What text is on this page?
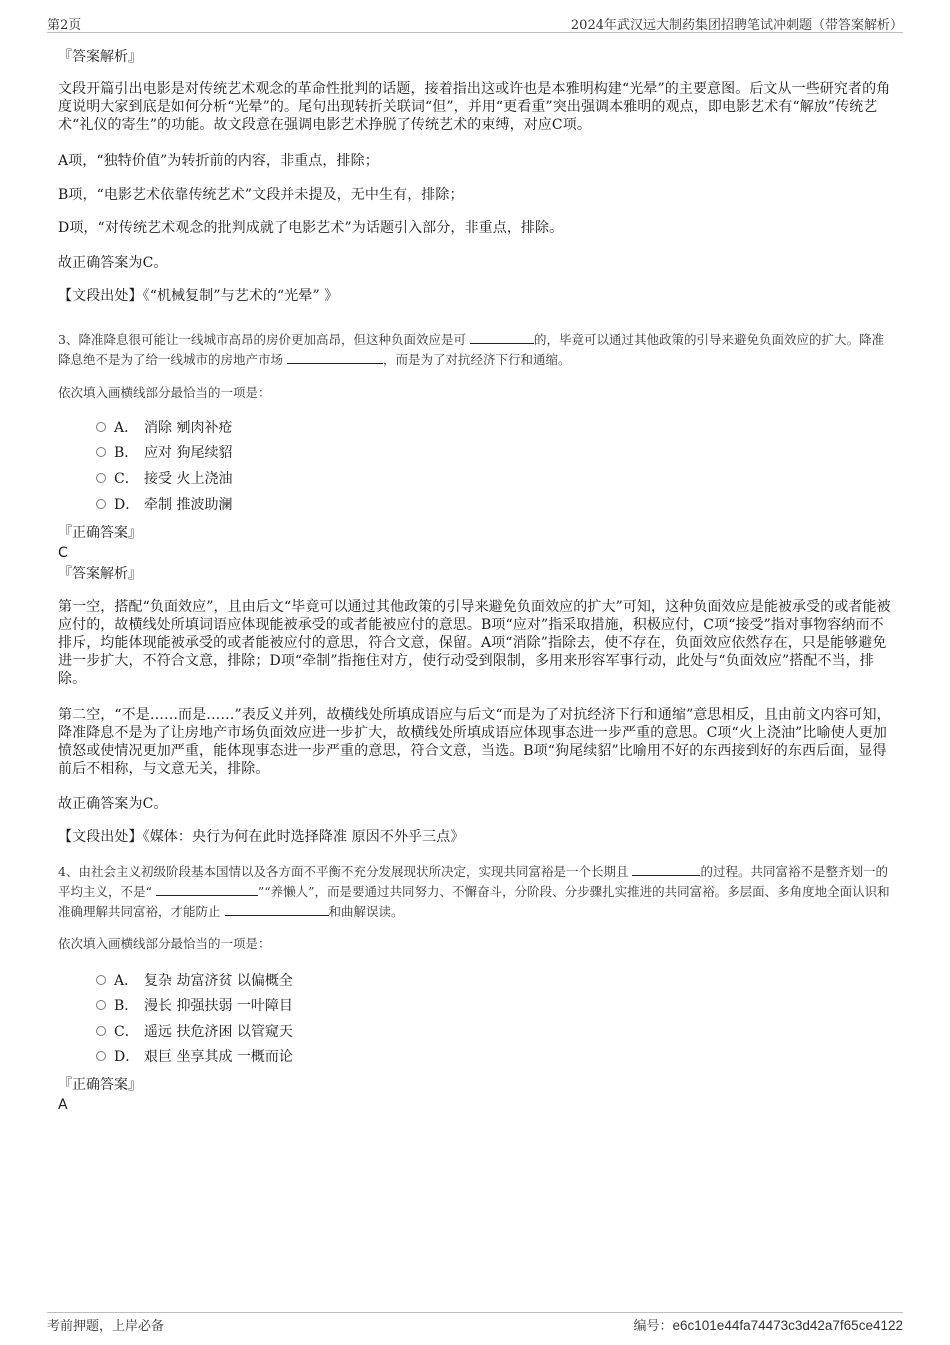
第2页	2024年武汉远大制药集团招聘笔试冲刺题（带答案解析）
『答案解析』

文段开篇引出电影是对传统艺术观念的革命性批判的话题，接着指出这或许也是本雅明构建“光晕”的主要意图。后文从一些研究者的角度说明大家到底是如何分析“光晕”的。尾句出现转折关联词“但”，并用“更看重”突出强调本雅明的观点，即电影艺术有“解放”传统艺术“礼仪的寄生”的功能。故文段意在强调电影艺术挣脱了传统艺术的束缚，对应C项。

A项，“独特价值”为转折前的内容，非重点，排除；

B项，“电影艺术依靠传统艺术”文段并未提及，无中生有，排除；

D项，“对传统艺术观念的批判成就了电影艺术”为话题引入部分，非重点，排除。

故正确答案为C。

【文段出处】《“机械复制”与艺术的“光晕” 》

3、降准降息很可能让一线城市高昂的房价更加高昂，但这种负面效应是可	的，毕竟可以通过其他政策的引导来避免负面效应的扩大。降准降息绝不是为了给一线城市的房地产市场	，而是为了对抗经济下行和通缩。

依次填入画横线部分最恰当的一项是：

A． 消除 剜肉补疮
B． 应对 狗尾续貂
C． 接受 火上浇油
D． 牵制 推波助澜
『正确答案』
C
『答案解析』

第一空，搭配“负面效应”，且由后文“毕竟可以通过其他政策的引导来避免负面效应的扩大”可知，这种负面效应是能被承受的或者能被应付的，故横线处所填词语应体现能被承受的或者能被应付的意思。B项“应对”指采取措施，积极应付，C项“接受”指对事物容纳而不排斥，均能体现能被承受的或者能被应付的意思，符合文意，保留。A项“消除”指除去，使不存在，负面效应依然存在，只是能够避免进一步扩大，不符合文意，排除；D项“牵制”指拖住对方，使行动受到限制，多用来形容军事行动，此处与“负面效应”搭配不当，排除。

第二空，“不是……而是……”表反义并列，故横线处所填成语应与后文“而是为了对抗经济下行和通缩”意思相反，且由前文内容可知，降准降息不是为了让房地产市场负面效应进一步扩大，故横线处所填成语应体现事态进一步严重的意思。C项“火上浇油”比喻使人更加愤怒或使情况更加严重，能体现事态进一步严重的意思，符合文意，当选。B项“狗尾续貂”比喻用不好的东西接到好的东西后面，显得前后不相称，与文意无关，排除。

故正确答案为C。

【文段出处】《媒体：央行为何在此时选择降准 原因不外乎三点》

4、由社会主义初级阶段基本国情以及各方面不平衡不充分发展现状所决定，实现共同富裕是一个长期且	的过程。共同富裕不是整齐划一的平均主义，不是“	”“养懒人”，而是要通过共同努力、不懈奋斗，分阶段、分步骤扎实推进的共同富裕。多层面、多角度地全面认识和准确理解共同富裕，才能防止	和曲解误读。

依次填入画横线部分最恰当的一项是：

A． 复杂 劫富济贫 以偏概全
B． 漫长 抑强扶弱 一叶障目
C． 遥远 扶危济困 以管窥天
D． 艰巨 坐享其成 一概而论
『正确答案』
A
考前押题，上岸必备	编号：e6c101e44fa74473c3d42a7f65ce4122
